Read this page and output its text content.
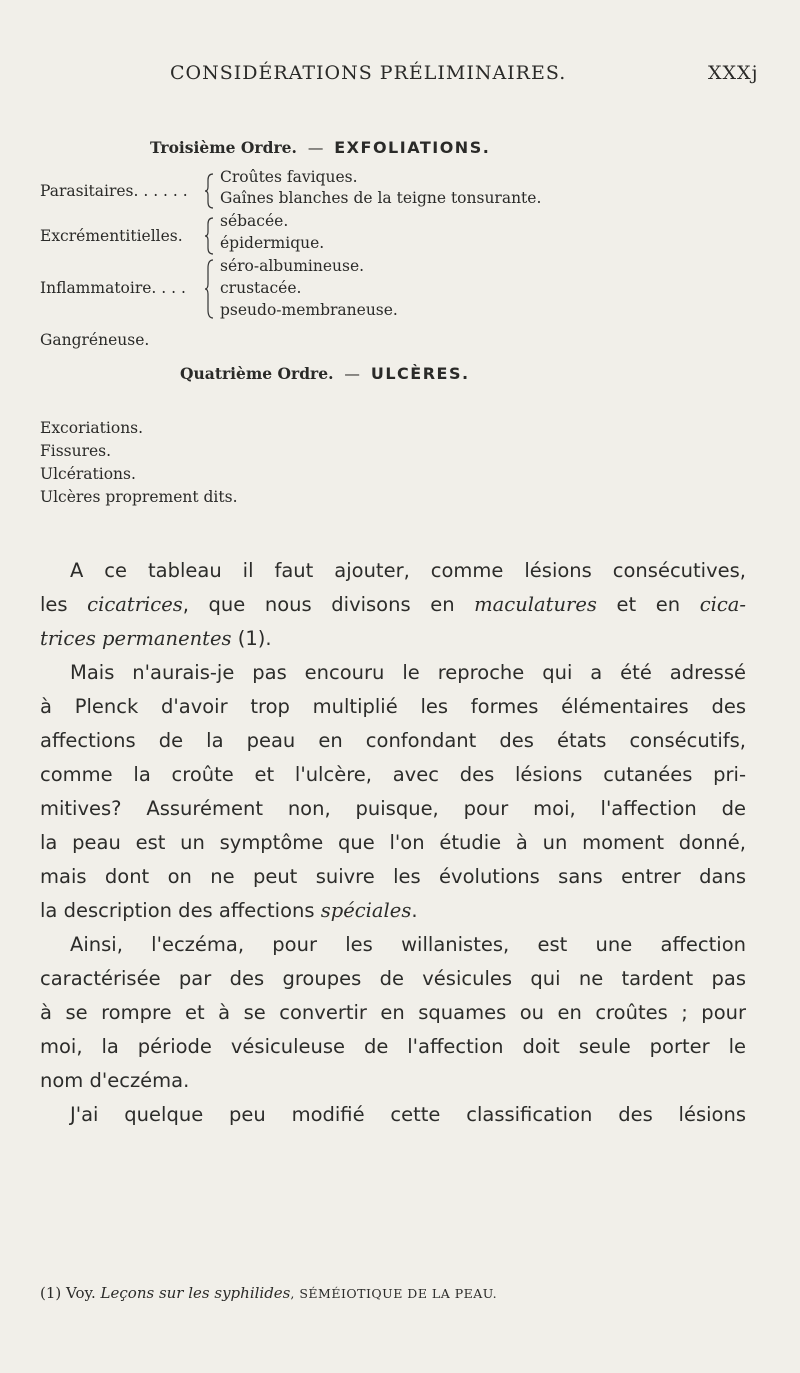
CONSIDÉRATIONS PRÉLIMINAIRES.	XXXj
Troisième Ordre. — EXFOLIATIONS.
Parasitaires. . . . . .
Croûtes faviques.
Gaînes blanches de la teigne tonsurante.
Excrémentitielles.
sébacée.
épidermique.
Inflammatoire. . . .
séro-albumineuse.
crustacée.
pseudo-membraneuse.
Gangréneuse.
Quatrième Ordre. — ULCÈRES.
Excoriations.
Fissures.
Ulcérations.
Ulcères proprement dits.
A ce tableau il faut ajouter, comme lésions consécutives,
les cicatrices, que nous divisons en maculatures et en cica-
trices permanentes (1).
Mais n'aurais-je pas encouru le reproche qui a été adressé
à Plenck d'avoir trop multiplié les formes élémentaires des
affections de la peau en confondant des états consécutifs,
comme la croûte et l'ulcère, avec des lésions cutanées pri-
mitives? Assurément non, puisque, pour moi, l'affection de
la peau est un symptôme que l'on étudie à un moment donné,
mais dont on ne peut suivre les évolutions sans entrer dans
la description des affections spéciales.
Ainsi, l'eczéma, pour les willanistes, est une affection
caractérisée par des groupes de vésicules qui ne tardent pas
à se rompre et à se convertir en squames ou en croûtes ; pour
moi, la période vésiculeuse de l'affection doit seule porter le
nom d'eczéma.
J'ai quelque peu modifié cette classification des lésions
(1) Voy. Leçons sur les syphilides, SÉMÉIOTIQUE DE LA PEAU.
